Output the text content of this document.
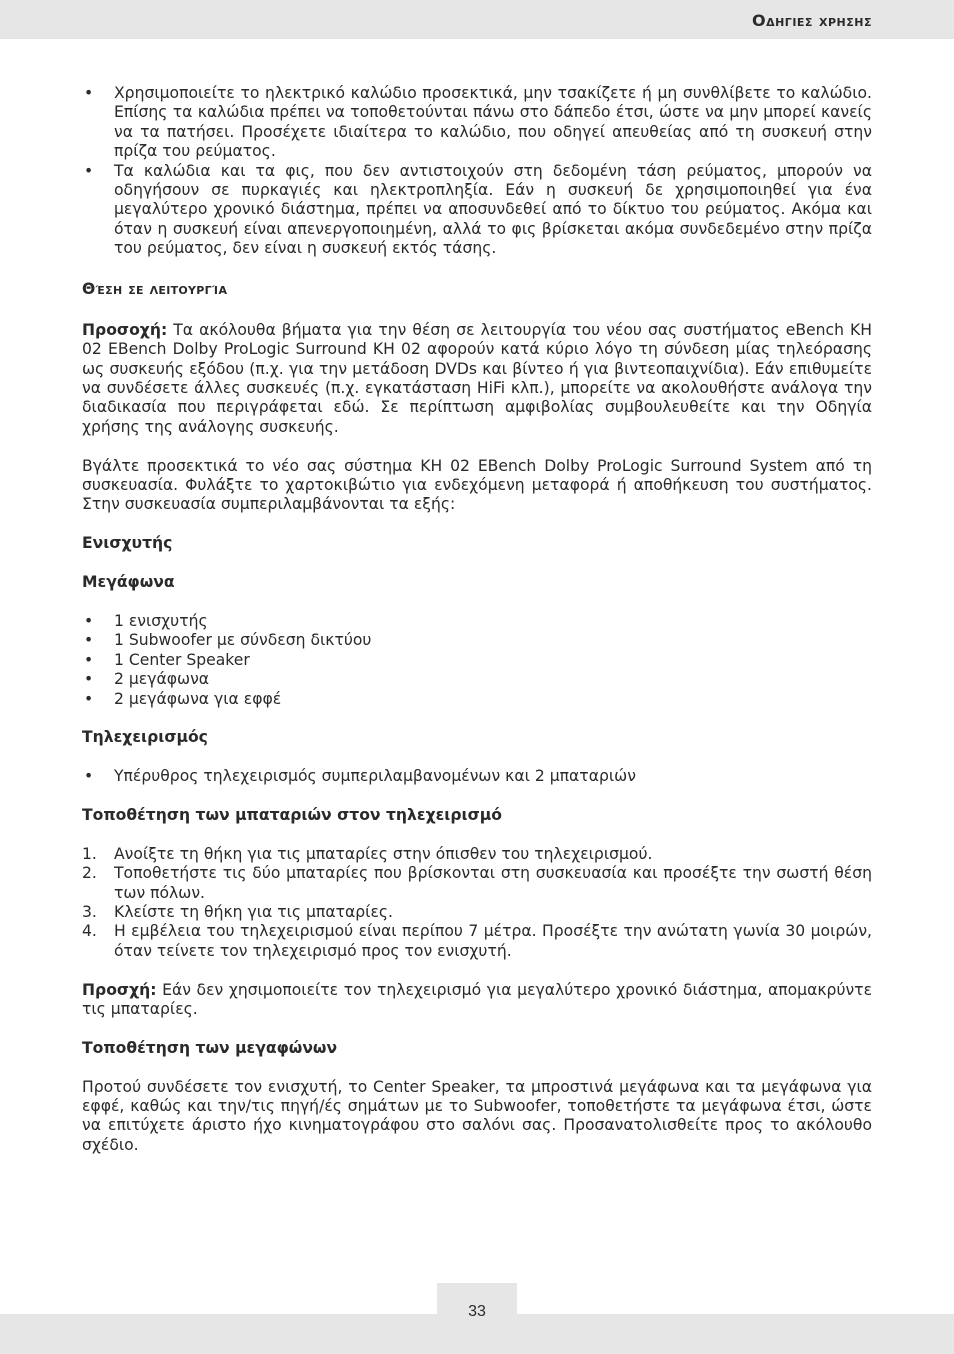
Οδηγιες χρησης
• Χρησιμοποιείτε το ηλεκτρικό καλώδιο προσεκτικά, μην τσακίζετε ή μη συνθλίβετε το καλώδιο. Επίσης τα καλώδια πρέπει να τοποθετούνται πάνω στο δάπεδο έτσι, ώστε να μην μπορεί κανείς να τα πατήσει. Προσέχετε ιδιαίτερα το καλώδιο, που οδηγεί απευθείας από τη συσκευή στην πρίζα του ρεύματος.
• Τα καλώδια και τα φις, που δεν αντιστοιχούν στη δεδομένη τάση ρεύματος, μπορούν να οδηγήσουν σε πυρκαγιές και ηλεκτροπληξία. Εάν η συσκευή δε χρησιμοποιηθεί για ένα μεγαλύτερο χρονικό διάστημα, πρέπει να αποσυνδεθεί από το δίκτυο του ρεύματος. Ακόμα και όταν η συσκευή είναι απενεργοποιημένη, αλλά το φις βρίσκεται ακόμα συνδεδεμένο στην πρίζα του ρεύματος, δεν είναι η συσκευή εκτός τάσης.
Θέση σε λειτουργία

Προσοχή: Τα ακόλουθα βήματα για την θέση σε λειτουργία του νέου σας συστήματος eBench KH 02 EBench Dolby ProLogic Surround KH 02 αφορούν κατά κύριο λόγο τη σύνδεση μίας τηλεόρασης ως συσκευής εξόδου (π.χ. για την μετάδοση DVDs και βίντεο ή για βιντεοπαιχνίδια). Εάν επιθυμείτε να συνδέσετε άλλες συσκευές (π.χ. εγκατάσταση HiFi κλπ.), μπορείτε να ακολουθήστε ανάλογα την διαδικασία που περιγράφεται εδώ. Σε περίπτωση αμφιβολίας συμβουλευθείτε και την Οδηγία χρήσης της ανάλογης συσκευής.

Βγάλτε προσεκτικά το νέο σας σύστημα KH 02 EBench Dolby ProLogic Surround System από τη συσκευασία. Φυλάξτε το χαρτοκιβώτιο για ενδεχόμενη μεταφορά ή αποθήκευση του συστήματος. Στην συσκευασία συμπεριλαμβάνονται τα εξής:

Ενισχυτής
Μεγάφωνα
• 1 ενισχυτής
• 1 Subwoofer με σύνδεση δικτύου
• 1 Center Speaker
• 2 μεγάφωνα
• 2 μεγάφωνα για εφφέ
Τηλεχειρισμός
• Υπέρυθρος τηλεχειρισμός συμπεριλαμβανομένων και 2 μπαταριών
Τοποθέτηση των μπαταριών στον τηλεχειρισμό
1. Ανοίξτε τη θήκη για τις μπαταρίες στην όπισθεν του τηλεχειρισμού.
2. Τοποθετήστε τις δύο μπαταρίες που βρίσκονται στη συσκευασία και προσέξτε την σωστή θέση των πόλων.
3. Κλείστε τη θήκη για τις μπαταρίες.
4. Η εμβέλεια του τηλεχειρισμού είναι περίπου 7 μέτρα. Προσέξτε την ανώτατη γωνία 30 μοιρών, όταν τείνετε τον τηλεχειρισμό προς τον ενισχυτή.

Προσχή: Εάν δεν χησιμοποιείτε τον τηλεχειρισμό για μεγαλύτερο χρονικό διάστημα, απομακρύντε τις μπαταρίες.

Τοποθέτηση των μεγαφώνων

Προτού συνδέσετε τον ενισχυτή, το Center Speaker, τα μπροστινά μεγάφωνα και τα μεγάφωνα για εφφέ, καθώς και την/τις πηγή/ές σημάτων με το Subwoofer, τοποθετήστε τα μεγάφωνα έτσι, ώστε να επιτύχετε άριστο ήχο κινηματογράφου στο σαλόνι σας. Προσανατολισθείτε προς το ακόλουθο σχέδιο.

33
